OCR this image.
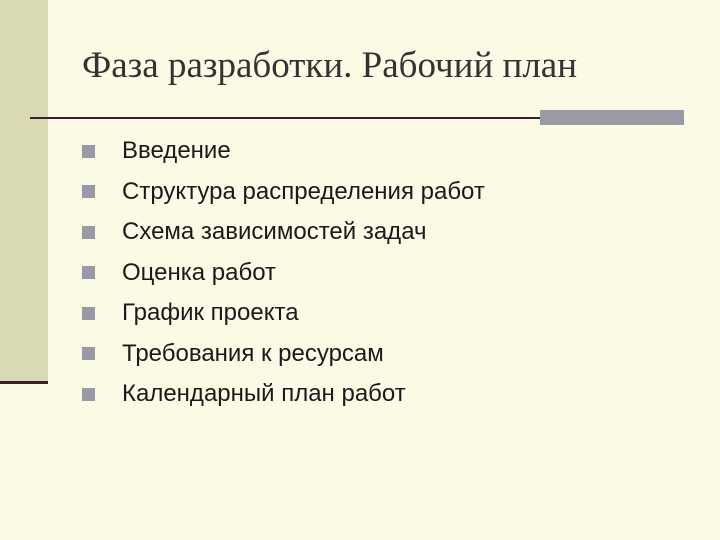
Фаза разработки. Рабочий план
Введение
Структура распределения работ
Схема зависимостей задач
Оценка работ
График проекта
Требования к ресурсам
Календарный план работ
